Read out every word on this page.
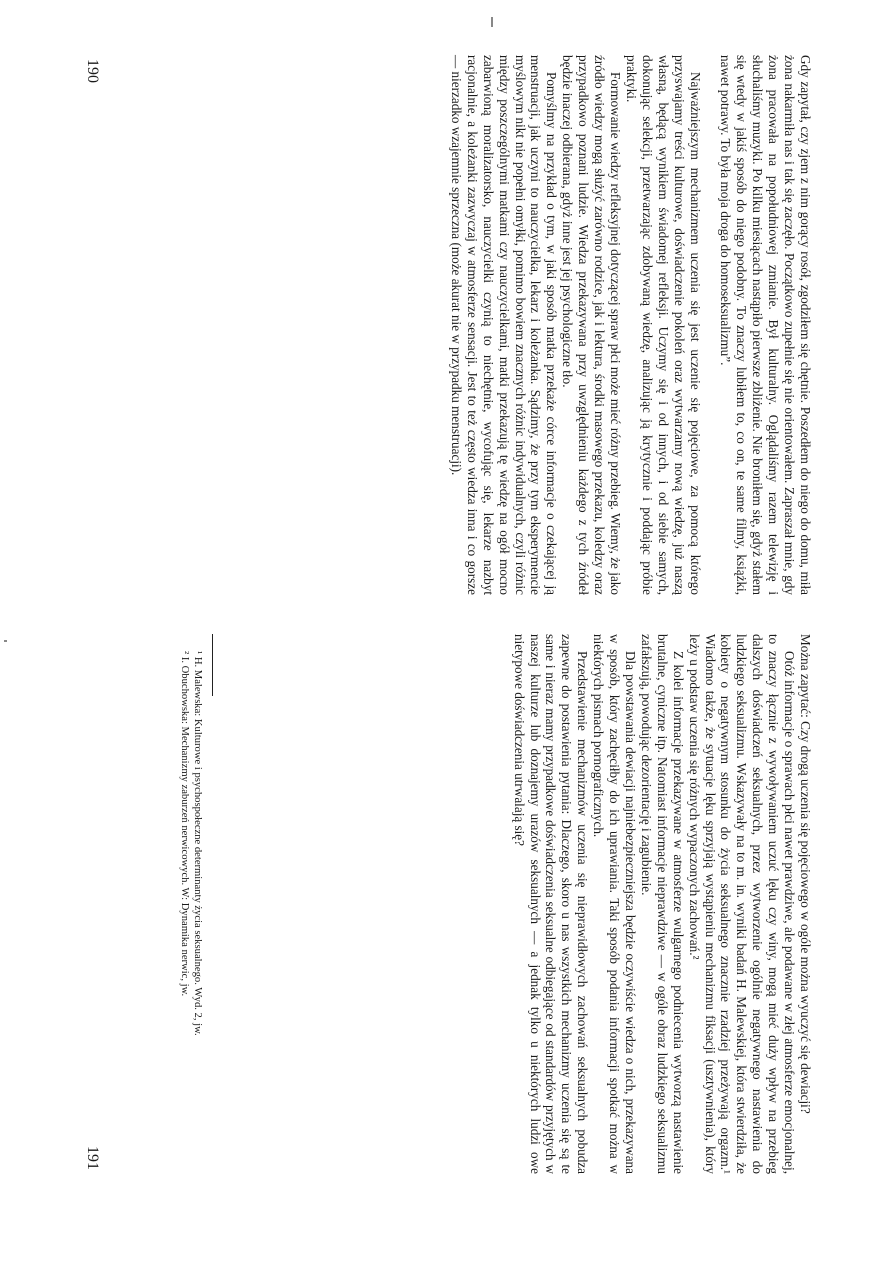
Gdy zapytał, czy zjem z nim gorący rosół, zgodziłem się chętnie. Poszedłem do niego do domu, miła żona nakarmiła nas i tak się zaczęło. Początkowo zupełnie się nie orientowałem. Zapraszał mnie, gdy żona pracowała na popołudniowej zmianie. Był kulturalny. Oglądaliśmy razem telewizję i słuchaliśmy muzyki. Po kilku miesiącach nastąpiło pierwsze zbliżenie. Nie broniłem się, gdyż stałem się wtedy w jakiś sposób do niego podobny. To znaczy lubiłem to, co on, te same filmy, książki, nawet potrawy. To była moja droga do homoseksualizmu”.

Najważniejszym mechanizmem uczenia się jest uczenie się pojęciowe, za pomocą którego przyswajamy treści kulturowe, doświadczenie pokoleń oraz wytwarzamy nową wiedzę, już naszą własną, będącą wynikiem świadomej refleksji. Uczymy się i od innych, i od siebie samych, dokonując selekcji, przetwarzając zdobywaną wiedzę, analizując ją krytycznie i poddając próbie praktyki.

Formowanie wiedzy refleksyjnej dotyczącej spraw płci może mieć różny przebieg. Wiemy, że jako źródło wiedzy mogą służyć zarówno rodzice, jak i lektura, środki masowego przekazu, koledzy oraz przypadkowo poznani ludzie. Wiedza przekazywana przy uwzględnieniu każdego z tych źródeł będzie inaczej odbierana, gdyż inne jest jej psychologiczne tło.

Pomyślmy na przykład o tym, w jaki sposób matka przekaże córce informacje o czekającej ją menstruacji, jak uczyni to nauczycielka, lekarz i koleżanka. Sądzimy, że przy tym eksperymencie myślowym nikt nie popełni omyłki, pomimo bowiem znacznych różnic indywidualnych, czyli różnic między poszczególnymi matkami czy nauczycielkami, matki przekazują tę wiedzę na ogół mocno zabarwioną moralizatorsko, nauczycielki czynią to niechętnie, wycofując się, lekarze nazbyt racjonalnie, a koleżanki zazwyczaj w atmosferze sensacji. Jest to też często wiedza inna i co gorsze — nierzadko wzajemnie sprzeczna (może akurat nie w przypadku menstruacji).

190

Można zapytać: Czy drogą uczenia się pojęciowego w ogóle można wyuczyć się dewiacji?

Otóż informacje o sprawach płci nawet prawdziwe, ale podawane w złej atmosferze emocjonalnej, to znaczy łącznie z wywoływaniem uczuć lęku czy winy, mogą mieć duży wpływ na przebieg dalszych doświadczeń seksualnych, przez wytworzenie ogólnie negatywnego nastawienia do ludzkiego seksualizmu. Wskazywały na to m. in. wyniki badań H. Malewskiej, która stwierdziła, że kobiety o negatywnym stosunku do życia seksualnego znacznie rzadziej przeżywają orgazm.¹ Wiadomo także, że sytuacje lęku sprzyjają wystąpieniu mechanizmu fiksacji (usztywnienia), który leży u podstaw uczenia się różnych wypaczonych zachowań.²

Z kolei informacje przekazywane w atmosferze wulgarnego podniecenia wytworzą nastawienie brutalne, cyniczne itp. Natomiast informacje nieprawdziwe — w ogóle obraz ludzkiego seksualizmu zafałszują, powodując dezorientację i zagubienie.

Dla powstawania dewiacji najniebezpieczniejsza będzie oczywiście wiedza o nich, przekazywana w sposób, który zachęciłby do ich uprawiania. Taki sposób podania informacji spotkać można w niektórych pismach pornograficznych.

Przedstawienie mechanizmów uczenia się nieprawidłowych zachowań seksualnych pobudza zapewne do postawienia pytania: Dlaczego, skoro u nas wszystkich mechanizmy uczenia się są te same i nieraz mamy przypadkowe doświadczenia seksualne odbiegające od standardów przyjętych w naszej kulturze lub doznajemy urazów seksualnych — a jednak tylko u niektórych ludzi owe nietypowe doświadczenia utrwalają się?

¹ H. Malewska: Kulturowe i psychospołeczne determinanty życia seksualnego. Wyd. 2, jw.

² I. Obuchowska: Mechanizmy zaburzeń nerwicowych. W: Dynamika nerwic, jw.

191
